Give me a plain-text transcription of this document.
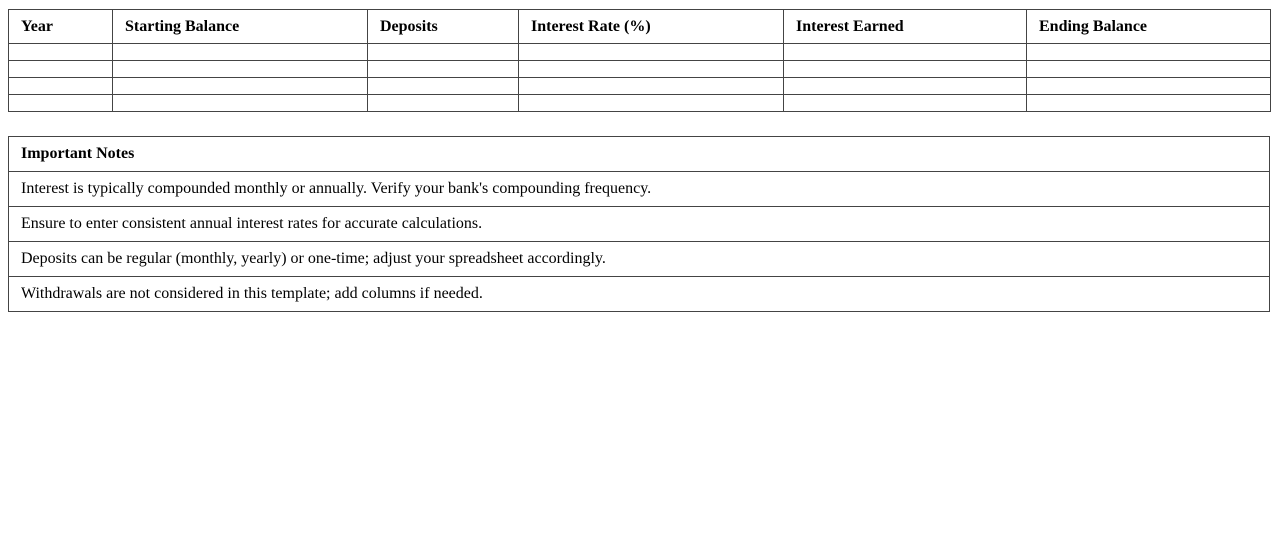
Year	Starting Balance	Deposits	Interest Rate (%)	Interest Earned	Ending Balance

Important Notes
Interest is typically compounded monthly or annually. Verify your bank's compounding frequency.
Ensure to enter consistent annual interest rates for accurate calculations.
Deposits can be regular (monthly, yearly) or one-time; adjust your spreadsheet accordingly.
Withdrawals are not considered in this template; add columns if needed.
